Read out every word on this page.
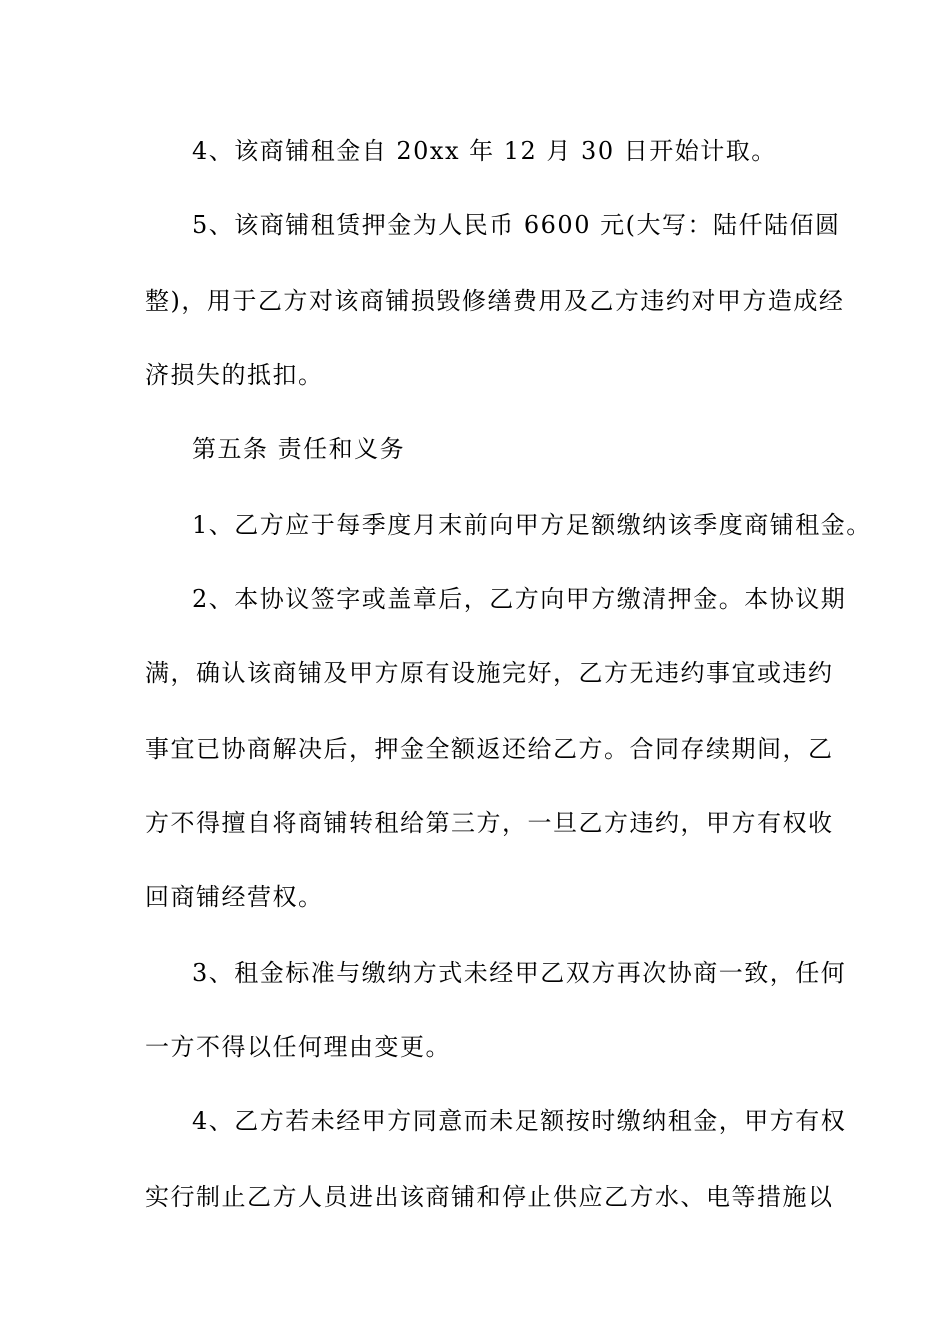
4、该商铺租金自 20xx 年 12 月 30 日开始计取。
5、该商铺租赁押金为人民币 6600 元(大写：陆仟陆佰圆
整)，用于乙方对该商铺损毁修缮费用及乙方违约对甲方造成经
济损失的抵扣。
第五条 责任和义务
1、乙方应于每季度月末前向甲方足额缴纳该季度商铺租金。
2、本协议签字或盖章后，乙方向甲方缴清押金。本协议期
满，确认该商铺及甲方原有设施完好，乙方无违约事宜或违约
事宜已协商解决后，押金全额返还给乙方。合同存续期间，乙
方不得擅自将商铺转租给第三方，一旦乙方违约，甲方有权收
回商铺经营权。
3、租金标准与缴纳方式未经甲乙双方再次协商一致，任何
一方不得以任何理由变更。
4、乙方若未经甲方同意而未足额按时缴纳租金，甲方有权
实行制止乙方人员进出该商铺和停止供应乙方水、电等措施以
